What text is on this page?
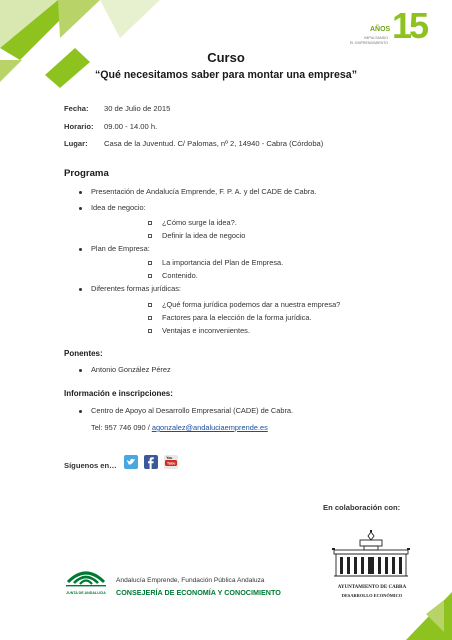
15
AÑOS
IMPULSANDO
EL EMPRENDIMIENTO
Curso
“Qué necesitamos saber para montar una empresa”
Fecha: 30 de Julio de 2015
Horario: 09.00 - 14.00 h.
Lugar: Casa de la Juventud. C/ Palomas, nº 2, 14940 - Cabra (Córdoba)
Programa
Presentación de Andalucía Emprende, F. P. A. y del CADE de Cabra.
Idea de negocio:
¿Cómo surge la idea?.
Definir la idea de negocio
Plan de Empresa:
La importancia del Plan de Empresa.
Contenido.
Diferentes formas jurídicas:
¿Qué forma jurídica podemos dar a nuestra empresa?
Factores para la elección de la forma jurídica.
Ventajas e inconvenientes.
Ponentes:
Antonio González Pérez
Información e inscripciones:
Centro de Apoyo al Desarrollo Empresarial (CADE) de Cabra.
Tel: 957 746 090 / agonzalez@andaluciaemprende.es
Síguenos en…
You
Tube
En colaboración con:
AYUNTAMIENTO DE CABRA
DESARROLLO ECONÓMICO
JUNTA DE ANDALUCIA
Andalucía Emprende, Fundación Pública Andaluza
CONSEJERÍA DE ECONOMÍA Y CONOCIMIENTO
